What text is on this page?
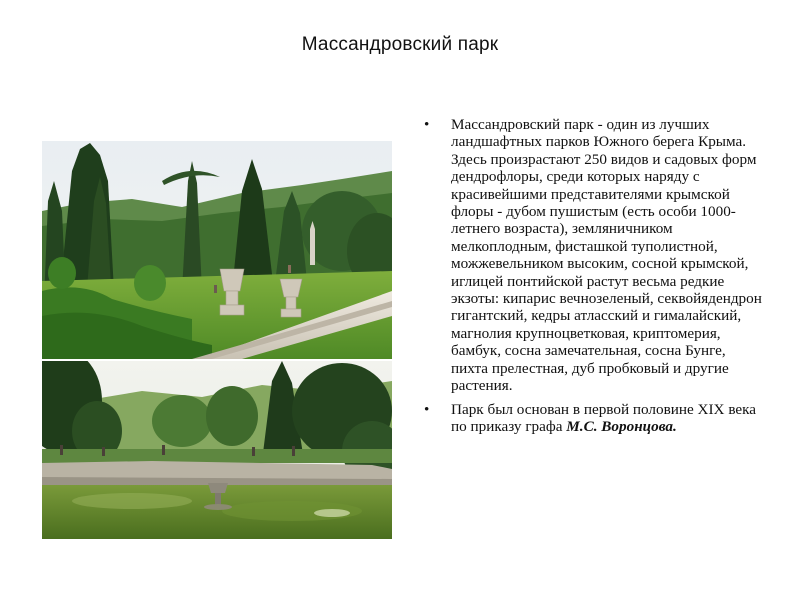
Массандровский парк
•	Массандровский парк - один из лучших ландшафтных парков Южного берега Крыма. Здесь произрастают 250 видов и садовых форм дендрофлоры, среди которых наряду с красивейшими представителями крымской флоры - дубом пушистым (есть особи 1000-летнего возраста), земляничником мелкоплодным, фисташкой туполистной, можжевельником высоким, сосной крымской, иглицей понтийской растут весьма редкие экзоты: кипарис вечнозеленый, секвойядендрон гигантский, кедры атласский и гималайский, магнолия крупноцветковая, криптомерия, бамбук, сосна замечательная, сосна Бунге, пихта прелестная, дуб пробковый и другие растения.
•	Парк был основан в первой половине XIX века по приказу графа М.С. Воронцова.
